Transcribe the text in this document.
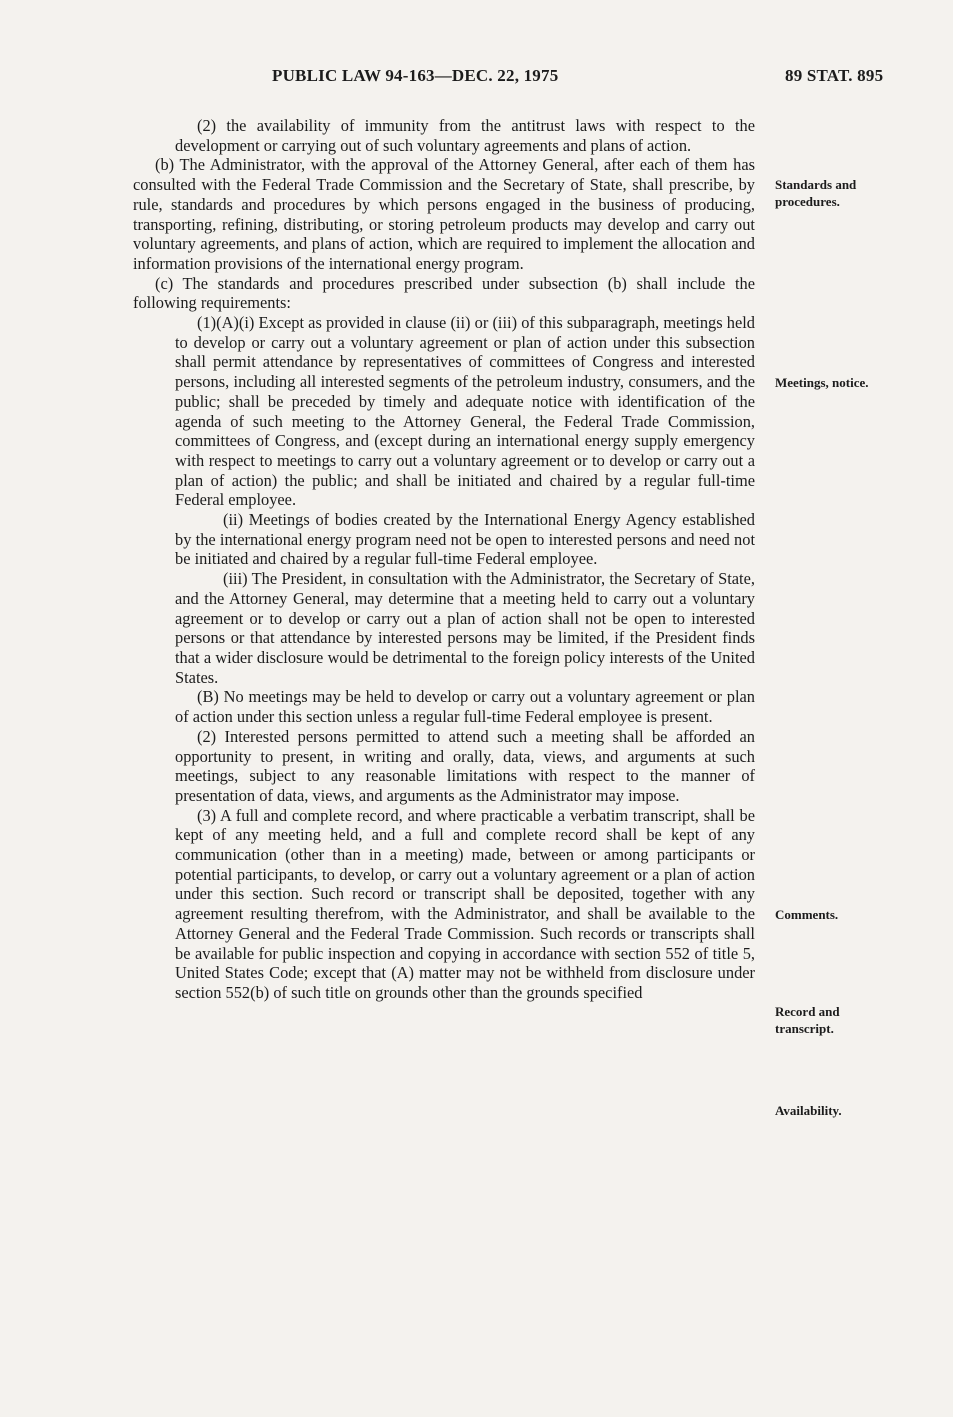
PUBLIC LAW 94-163—DEC. 22, 1975	89 STAT. 895

(2) the availability of immunity from the antitrust laws with respect to the development or carrying out of such voluntary agreements and plans of action.

(b) The Administrator, with the approval of the Attorney General, after each of them has consulted with the Federal Trade Commission and the Secretary of State, shall prescribe, by rule, standards and procedures by which persons engaged in the business of producing, transporting, refining, distributing, or storing petroleum products may develop and carry out voluntary agreements, and plans of action, which are required to implement the allocation and information provisions of the international energy program.

(c) The standards and procedures prescribed under subsection (b) shall include the following requirements:

(1)(A)(i) Except as provided in clause (ii) or (iii) of this subparagraph, meetings held to develop or carry out a voluntary agreement or plan of action under this subsection shall permit attendance by representatives of committees of Congress and interested persons, including all interested segments of the petroleum industry, consumers, and the public; shall be preceded by timely and adequate notice with identification of the agenda of such meeting to the Attorney General, the Federal Trade Commission, committees of Congress, and (except during an international energy supply emergency with respect to meetings to carry out a voluntary agreement or to develop or carry out a plan of action) the public; and shall be initiated and chaired by a regular full-time Federal employee.

(ii) Meetings of bodies created by the International Energy Agency established by the international energy program need not be open to interested persons and need not be initiated and chaired by a regular full-time Federal employee.

(iii) The President, in consultation with the Administrator, the Secretary of State, and the Attorney General, may determine that a meeting held to carry out a voluntary agreement or to develop or carry out a plan of action shall not be open to interested persons or that attendance by interested persons may be limited, if the President finds that a wider disclosure would be detrimental to the foreign policy interests of the United States.

(B) No meetings may be held to develop or carry out a voluntary agreement or plan of action under this section unless a regular full-time Federal employee is present.

(2) Interested persons permitted to attend such a meeting shall be afforded an opportunity to present, in writing and orally, data, views, and arguments at such meetings, subject to any reasonable limitations with respect to the manner of presentation of data, views, and arguments as the Administrator may impose.

(3) A full and complete record, and where practicable a verbatim transcript, shall be kept of any meeting held, and a full and complete record shall be kept of any communication (other than in a meeting) made, between or among participants or potential participants, to develop, or carry out a voluntary agreement or a plan of action under this section. Such record or transcript shall be deposited, together with any agreement resulting therefrom, with the Administrator, and shall be available to the Attorney General and the Federal Trade Commission. Such records or transcripts shall be available for public inspection and copying in accordance with section 552 of title 5, United States Code; except that (A) matter may not be withheld from disclosure under section 552(b) of such title on grounds other than the grounds specified

Standards and procedures.
Meetings, notice.
Comments.
Record and transcript.
Availability.
